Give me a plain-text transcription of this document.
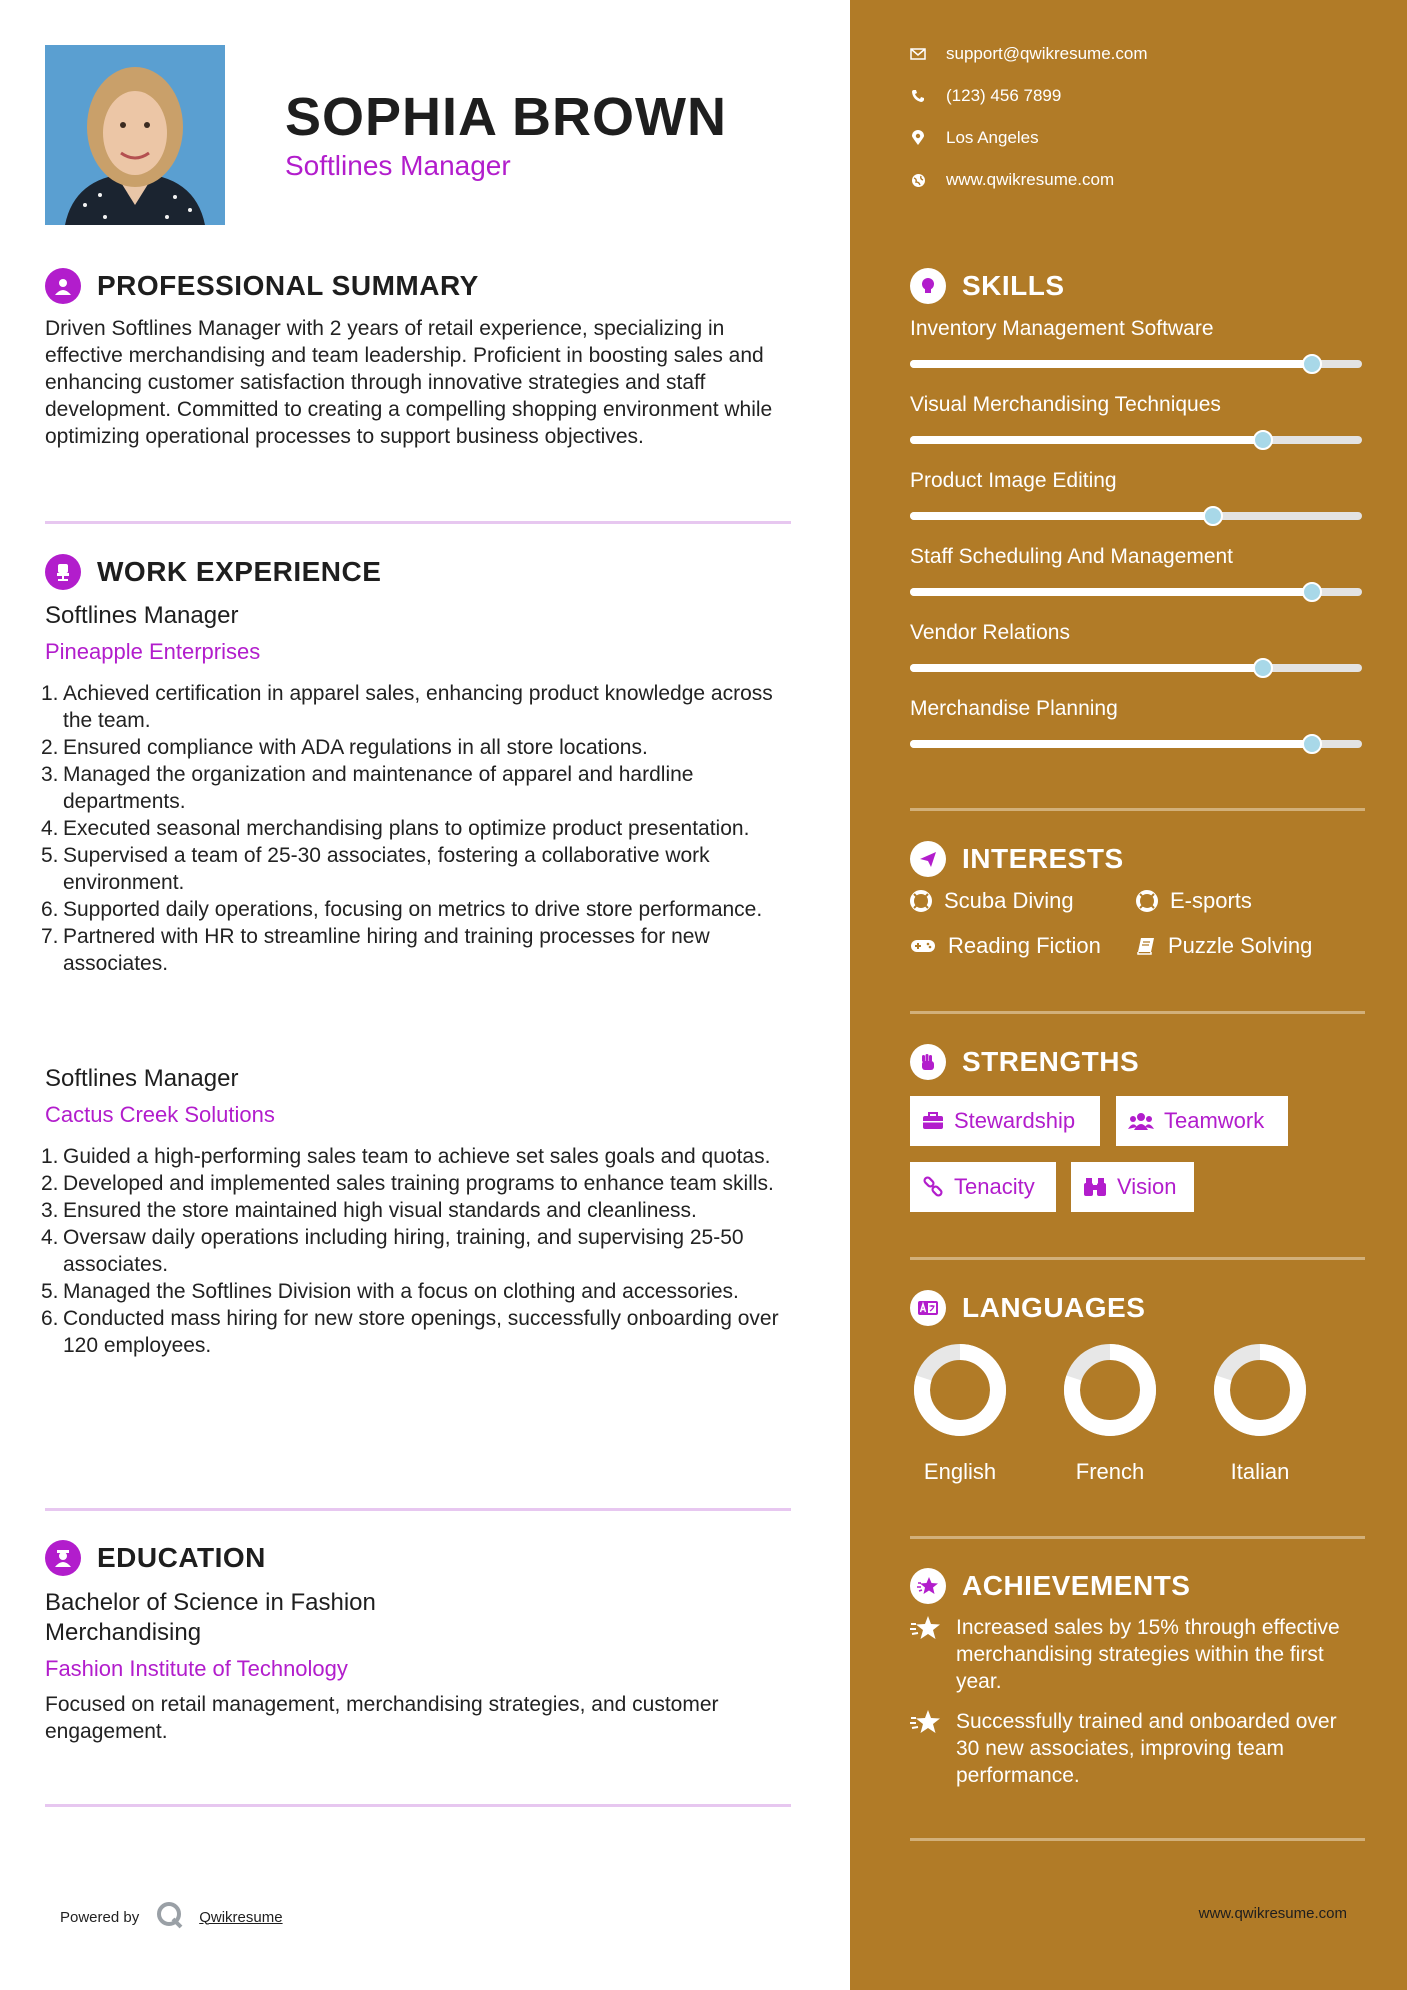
SOPHIA BROWN
Softlines Manager
PROFESSIONAL SUMMARY

Driven Softlines Manager with 2 years of retail experience, specializing in effective merchandising and team leadership. Proficient in boosting sales and enhancing customer satisfaction through innovative strategies and staff development. Committed to creating a compelling shopping environment while optimizing operational processes to support business objectives.

WORK EXPERIENCE
Softlines Manager
Pineapple Enterprises
1. Achieved certification in apparel sales, enhancing product knowledge across the team.
2. Ensured compliance with ADA regulations in all store locations.
3. Managed the organization and maintenance of apparel and hardline departments.
4. Executed seasonal merchandising plans to optimize product presentation.
5. Supervised a team of 25-30 associates, fostering a collaborative work environment.
6. Supported daily operations, focusing on metrics to drive store performance.
7. Partnered with HR to streamline hiring and training processes for new associates.
Softlines Manager
Cactus Creek Solutions
1. Guided a high-performing sales team to achieve set sales goals and quotas.
2. Developed and implemented sales training programs to enhance team skills.
3. Ensured the store maintained high visual standards and cleanliness.
4. Oversaw daily operations including hiring, training, and supervising 25-50 associates.
5. Managed the Softlines Division with a focus on clothing and accessories.
6. Conducted mass hiring for new store openings, successfully onboarding over 120 employees.
EDUCATION
Bachelor of Science in Fashion
Merchandising
Fashion Institute of Technology

Focused on retail management, merchandising strategies, and customer engagement.

Powered by	Qwikresume
support@qwikresume.com
(123) 456 7899
Los Angeles
www.qwikresume.com
SKILLS
Inventory Management Software
Visual Merchandising Techniques
Product Image Editing
Staff Scheduling And Management
Vendor Relations
Merchandise Planning
INTERESTS
Scuba Diving	E-sports
Reading Fiction	Puzzle Solving
STRENGTHS
Stewardship	Teamwork
Tenacity	Vision
LANGUAGES
English	French	Italian
ACHIEVEMENTS
Increased sales by 15% through effective merchandising strategies within the first year.
Successfully trained and onboarded over 30 new associates, improving team performance.
www.qwikresume.com
